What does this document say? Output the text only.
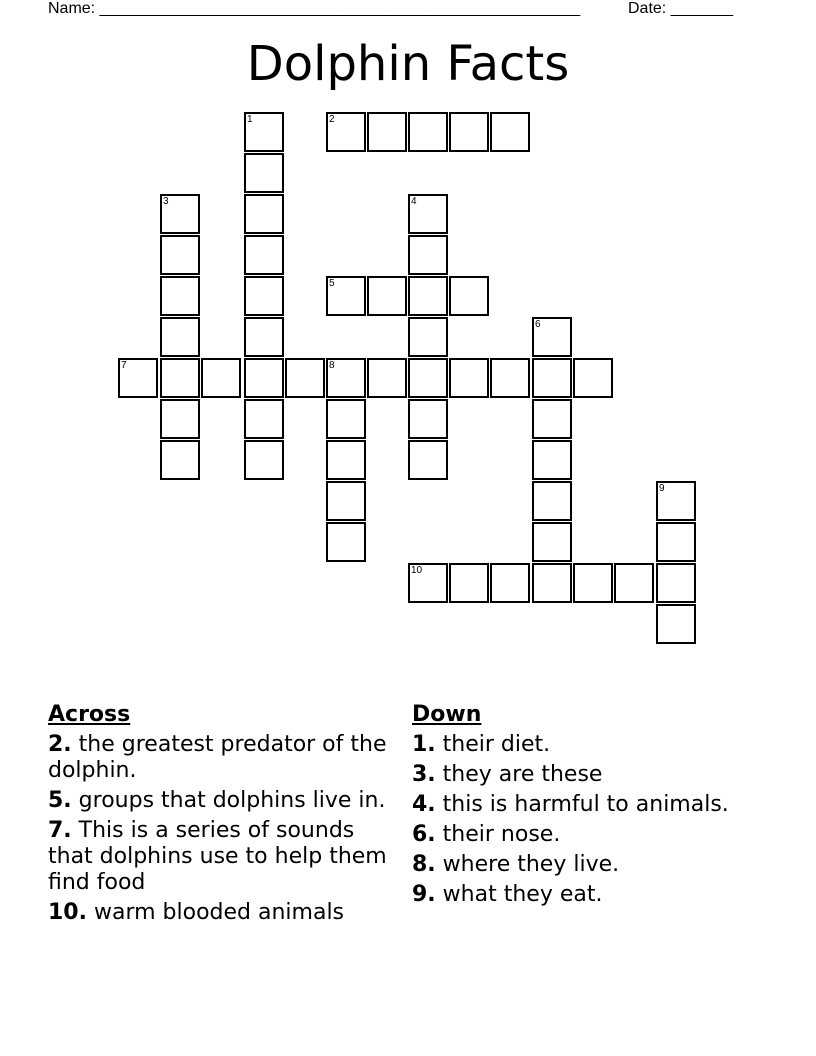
Name: ______________________________________________________	Date: _______
Dolphin Facts
1	2
3	4
5
6
7	8
9
10
Across
2. the greatest predator of the dolphin.
5. groups that dolphins live in.
7. This is a series of sounds that dolphins use to help them find food
10. warm blooded animals
Down
1. their diet.
3. they are these
4. this is harmful to animals.
6. their nose.
8. where they live.
9. what they eat.
